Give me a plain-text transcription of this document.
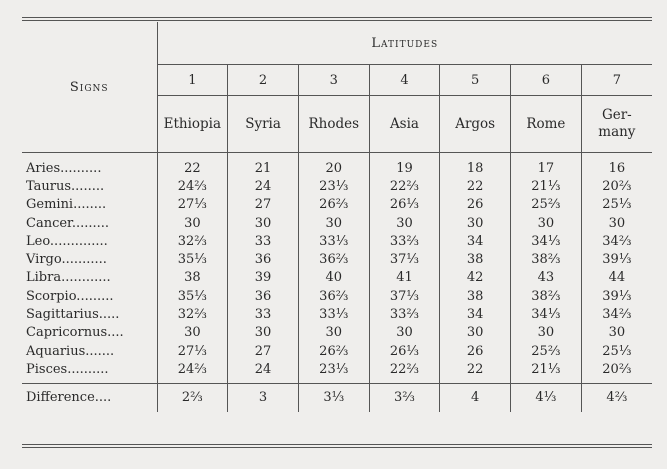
Signs	Latitudes						
	1	2	3	4	5	6	7
	Ethiopia	Syria	Rhodes	Asia	Argos	Rome	Ger-
many
Aries..........	22	21	20	19	18	17	16
Taurus........	24⅔	24	23⅓	22⅔	22	21⅓	20⅔
Gemini........	27⅓	27	26⅔	26⅓	26	25⅔	25⅓
Cancer.........	30	30	30	30	30	30	30
Leo..............	32⅔	33	33⅓	33⅔	34	34⅓	34⅔
Virgo...........	35⅓	36	36⅔	37⅓	38	38⅔	39⅓
Libra............	38	39	40	41	42	43	44
Scorpio.........	35⅓	36	36⅔	37⅓	38	38⅔	39⅓
Sagittarius.....	32⅔	33	33⅓	33⅔	34	34⅓	34⅔
Capricornus....	30	30	30	30	30	30	30
Aquarius.......	27⅓	27	26⅔	26⅓	26	25⅔	25⅓
Pisces..........	24⅔	24	23⅓	22⅔	22	21⅓	20⅔
Difference....	2⅔	3	3⅓	3⅔	4	4⅓	4⅔
